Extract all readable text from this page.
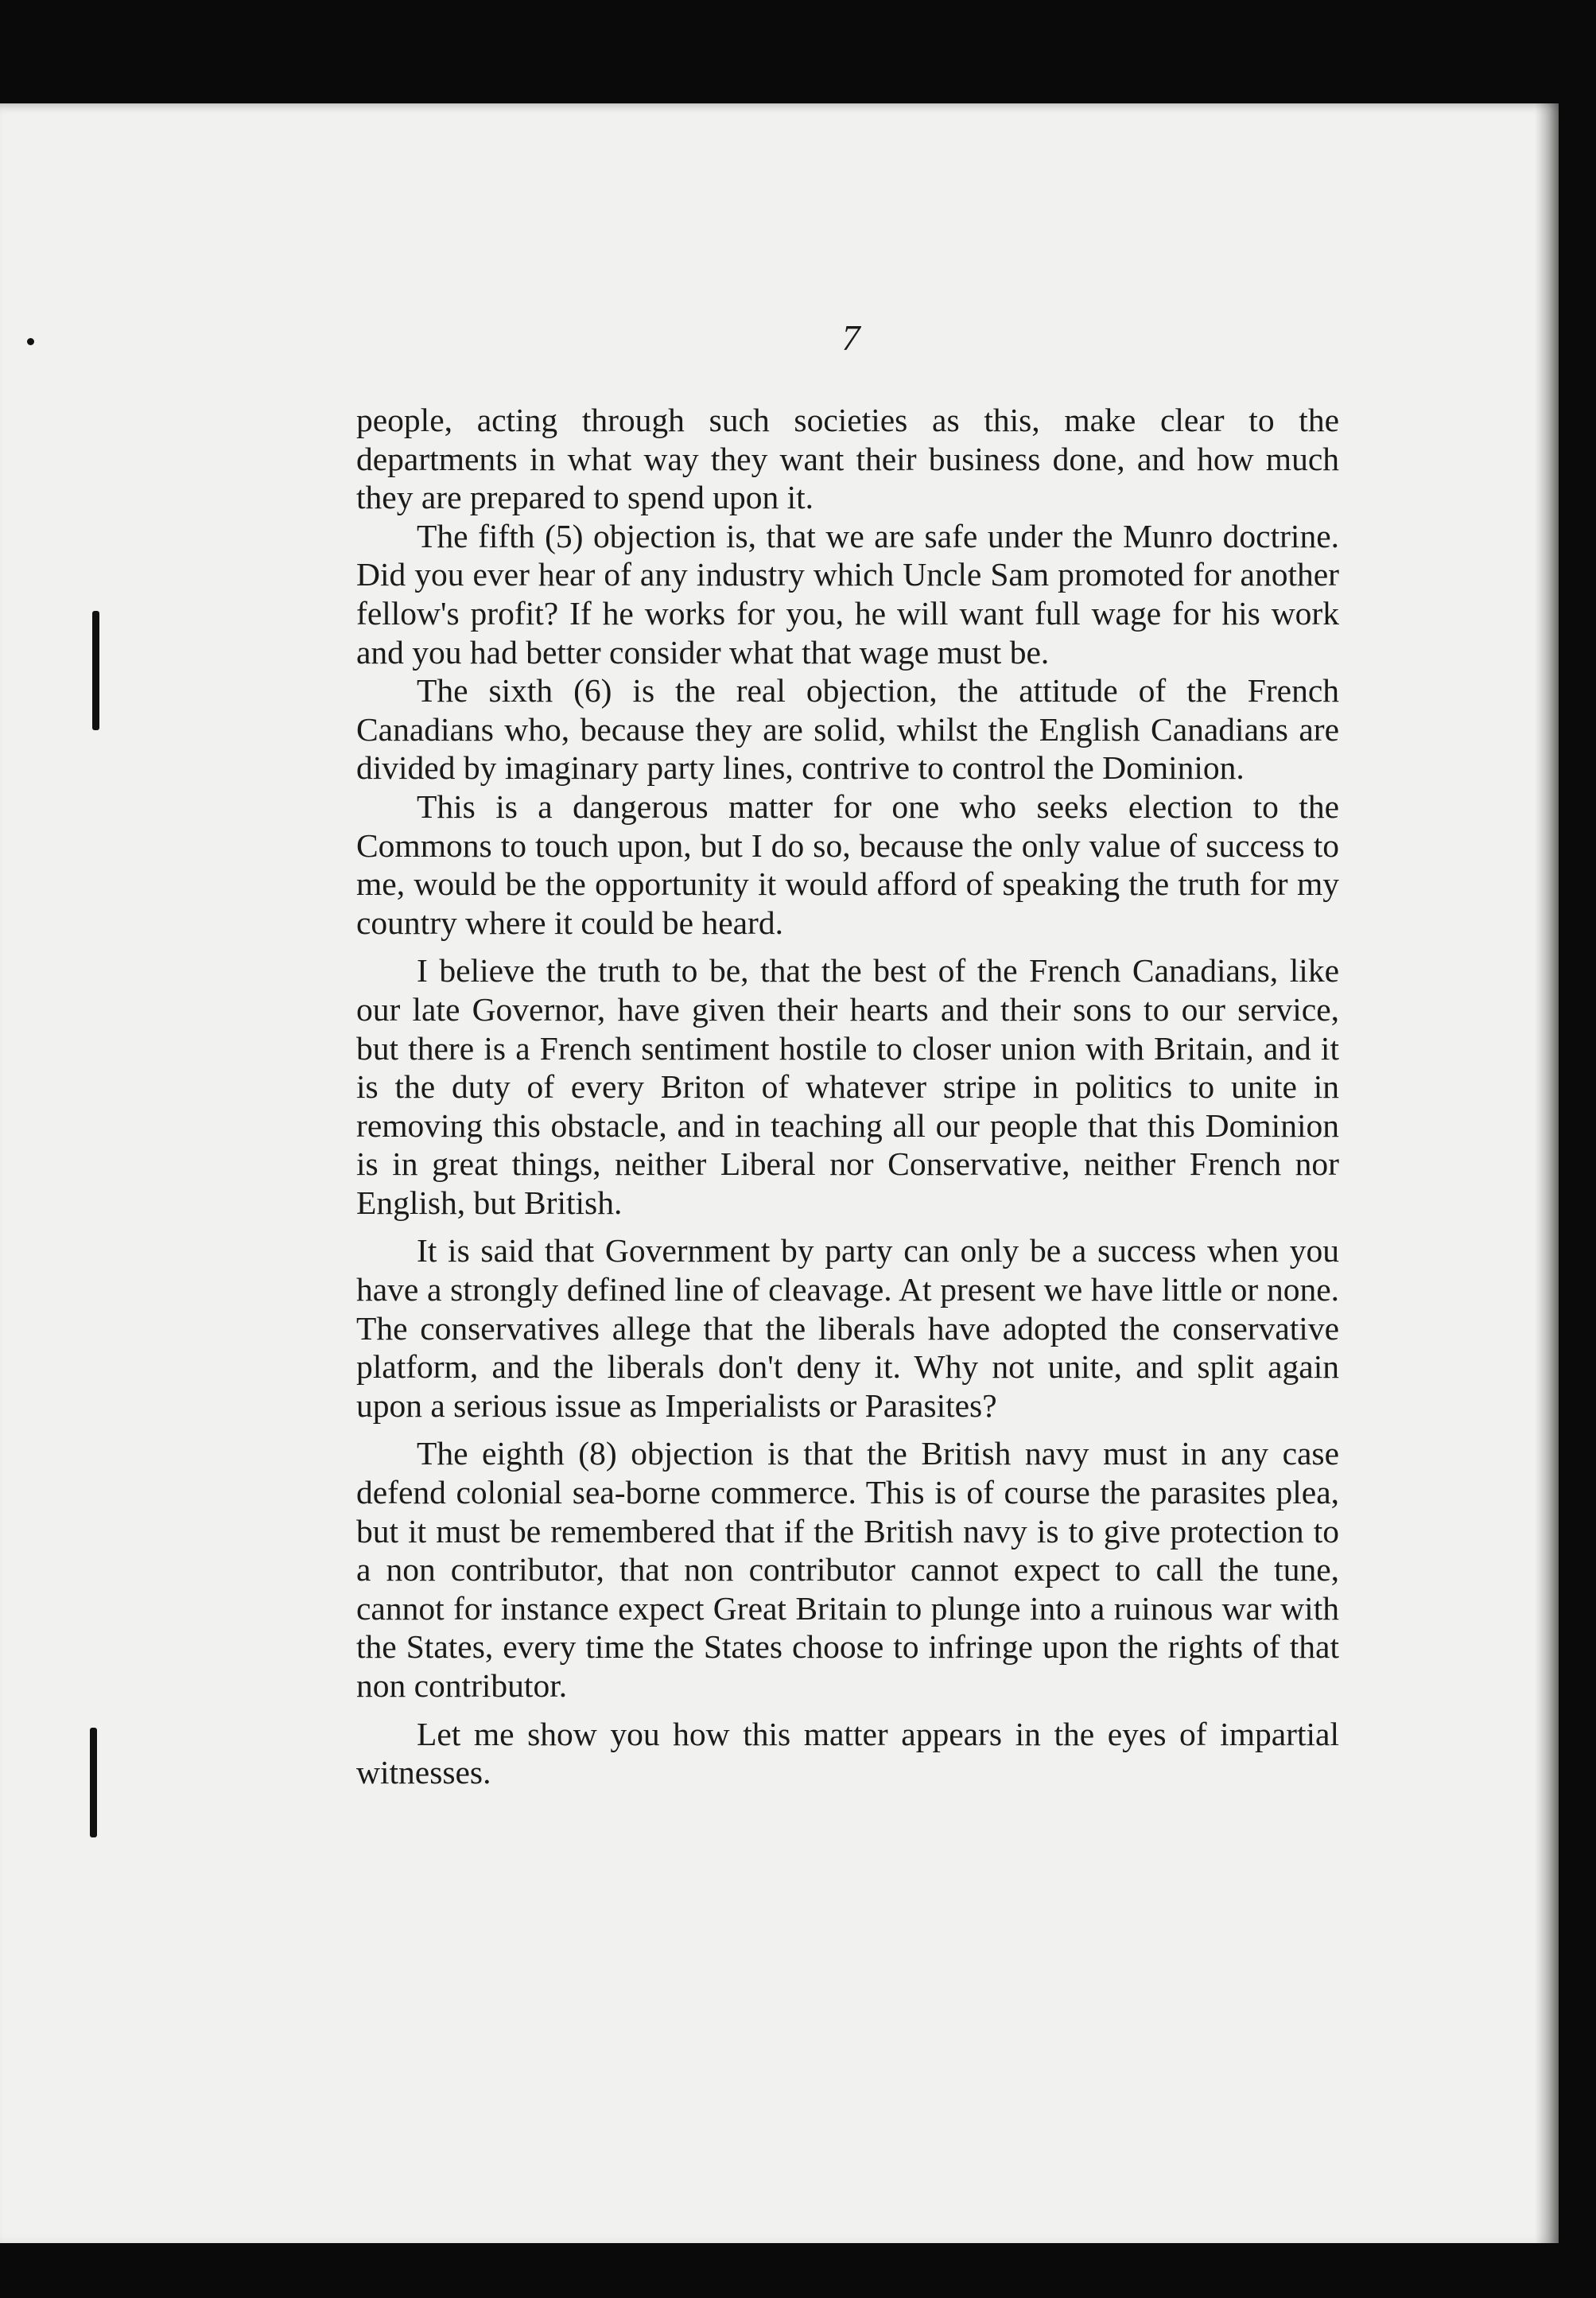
7

people, acting through such societies as this, make clear to the departments in what way they want their business done, and how much they are prepared to spend upon it.

The fifth (5) objection is, that we are safe under the Munro doctrine. Did you ever hear of any industry which Uncle Sam promoted for another fellow's profit? If he works for you, he will want full wage for his work and you had better consider what that wage must be.

The sixth (6) is the real objection, the attitude of the French Canadians who, because they are solid, whilst the English Canadians are divided by imaginary party lines, contrive to control the Dominion.

This is a dangerous matter for one who seeks election to the Commons to touch upon, but I do so, because the only value of success to me, would be the opportunity it would afford of speaking the truth for my country where it could be heard.

I believe the truth to be, that the best of the French Canadians, like our late Governor, have given their hearts and their sons to our service, but there is a French sentiment hostile to closer union with Britain, and it is the duty of every Briton of whatever stripe in politics to unite in removing this obstacle, and in teaching all our people that this Dominion is in great things, neither Liberal nor Conservative, neither French nor English, but British.

It is said that Government by party can only be a success when you have a strongly defined line of cleavage. At present we have little or none. The conservatives allege that the liberals have adopted the conservative platform, and the liberals don't deny it. Why not unite, and split again upon a serious issue as Imperialists or Parasites?

The eighth (8) objection is that the British navy must in any case defend colonial sea-borne commerce. This is of course the parasites plea, but it must be remembered that if the British navy is to give protection to a non contributor, that non contributor cannot expect to call the tune, cannot for instance expect Great Britain to plunge into a ruinous war with the States, every time the States choose to infringe upon the rights of that non contributor.

Let me show you how this matter appears in the eyes of impartial witnesses.
